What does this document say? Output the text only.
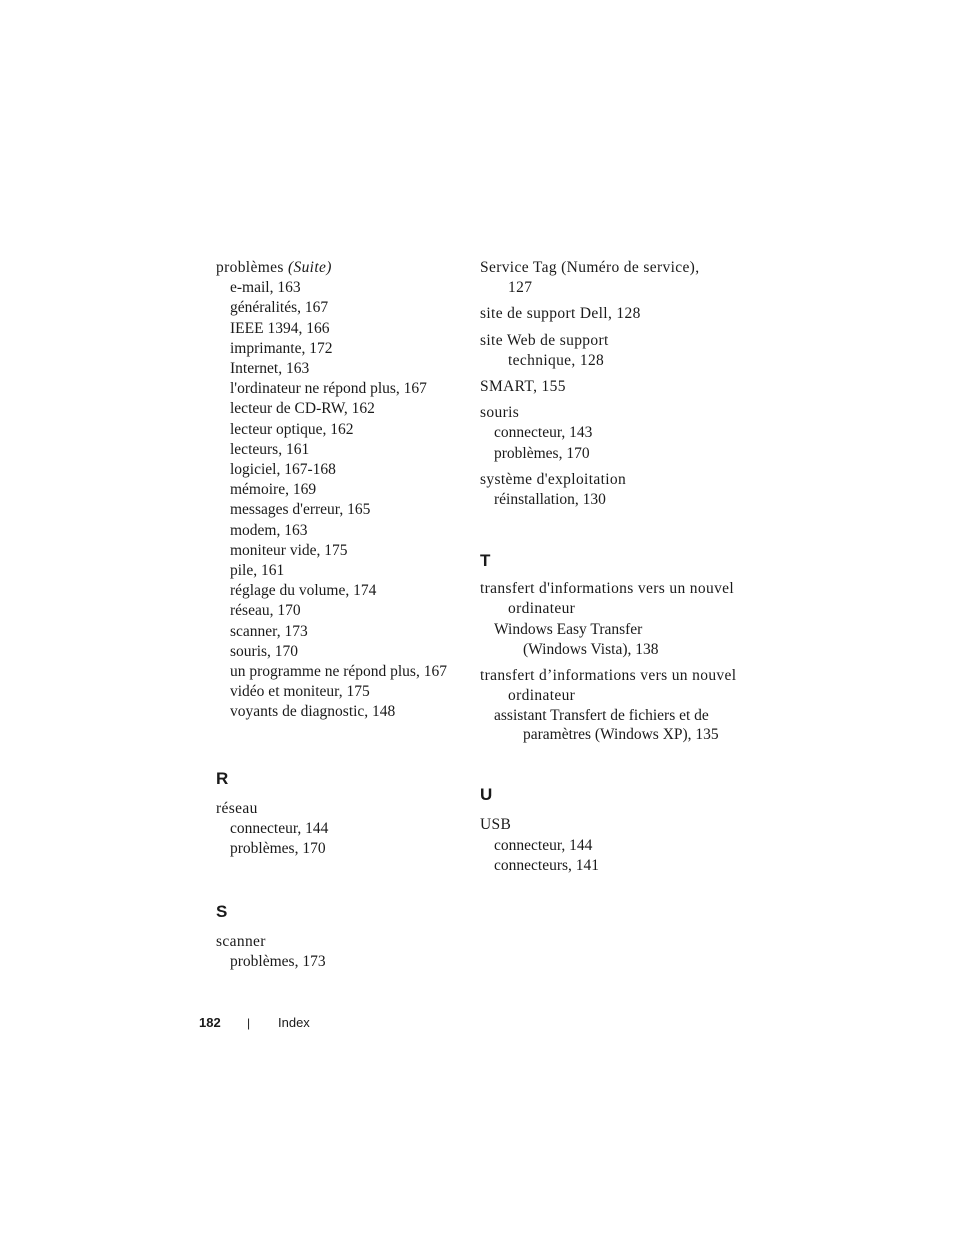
problèmes (Suite)
e-mail, 163
généralités, 167
IEEE 1394, 166
imprimante, 172
Internet, 163
l'ordinateur ne répond plus, 167
lecteur de CD-RW, 162
lecteur optique, 162
lecteurs, 161
logiciel, 167-168
mémoire, 169
messages d'erreur, 165
modem, 163
moniteur vide, 175
pile, 161
réglage du volume, 174
réseau, 170
scanner, 173
souris, 170
un programme ne répond plus, 167
vidéo et moniteur, 175
voyants de diagnostic, 148
R
réseau
connecteur, 144
problèmes, 170
S
scanner
problèmes, 173
Service Tag (Numéro de service), 127
site de support Dell, 128
site Web de support technique, 128
SMART, 155
souris
connecteur, 143
problèmes, 170
système d'exploitation
réinstallation, 130
T
transfert d'informations vers un nouvel ordinateur
Windows Easy Transfer (Windows Vista), 138
transfert d’informations vers un nouvel ordinateur
assistant Transfert de fichiers et de paramètres (Windows XP), 135
U
USB
connecteur, 144
connecteurs, 141
182 | Index
